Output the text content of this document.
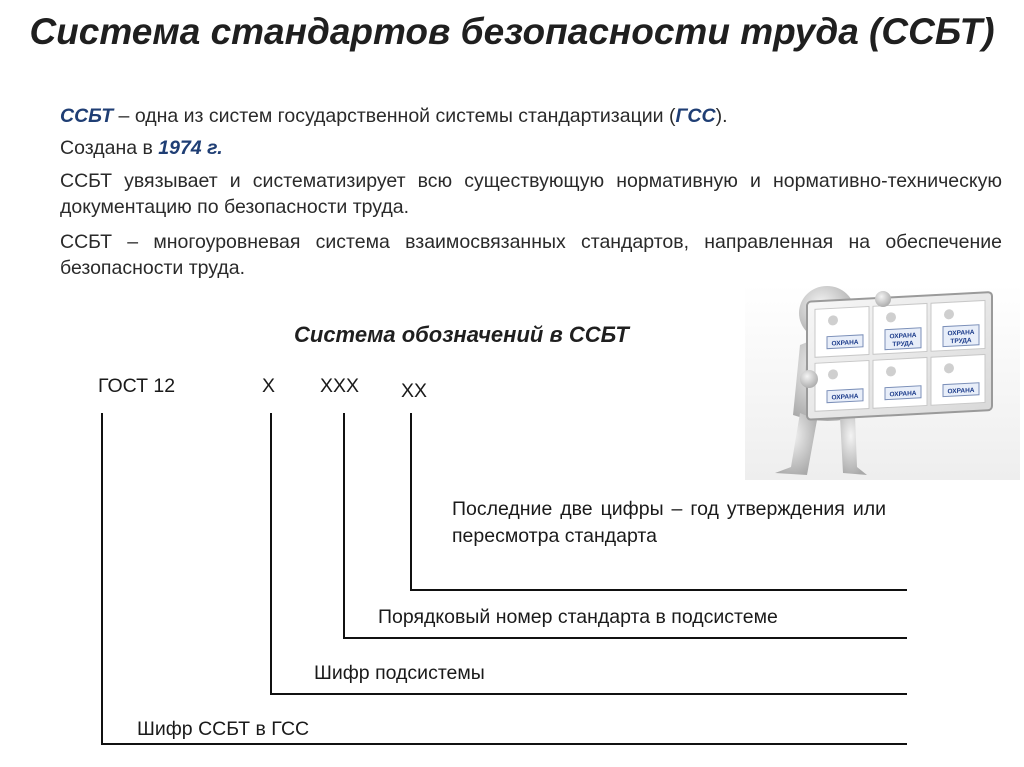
Система стандартов безопасности труда (ССБТ)
ССБТ – одна из систем государственной системы стандартизации (ГСС).
Создана в 1974 г.
ССБТ увязывает и систематизирует всю существующую нормативную и нормативно-техническую документацию по безопасности труда.
ССБТ – многоуровневая система взаимосвязанных стандартов, направленная на обеспечение безопасности труда.
Система обозначений в ССБТ
ГОСТ 12	Х ХХХ ХХ
Последние две цифры – год утверждения или пересмотра стандарта
Порядковый номер стандарта в подсистеме
Шифр подсистемы
Шифр ССБТ в ГСС
ОХРАНА
ОХРАНА
ТРУДА
ОХРАНА
ТРУДА
ОХРАНА	ОХРАНА	ОХРАНА
